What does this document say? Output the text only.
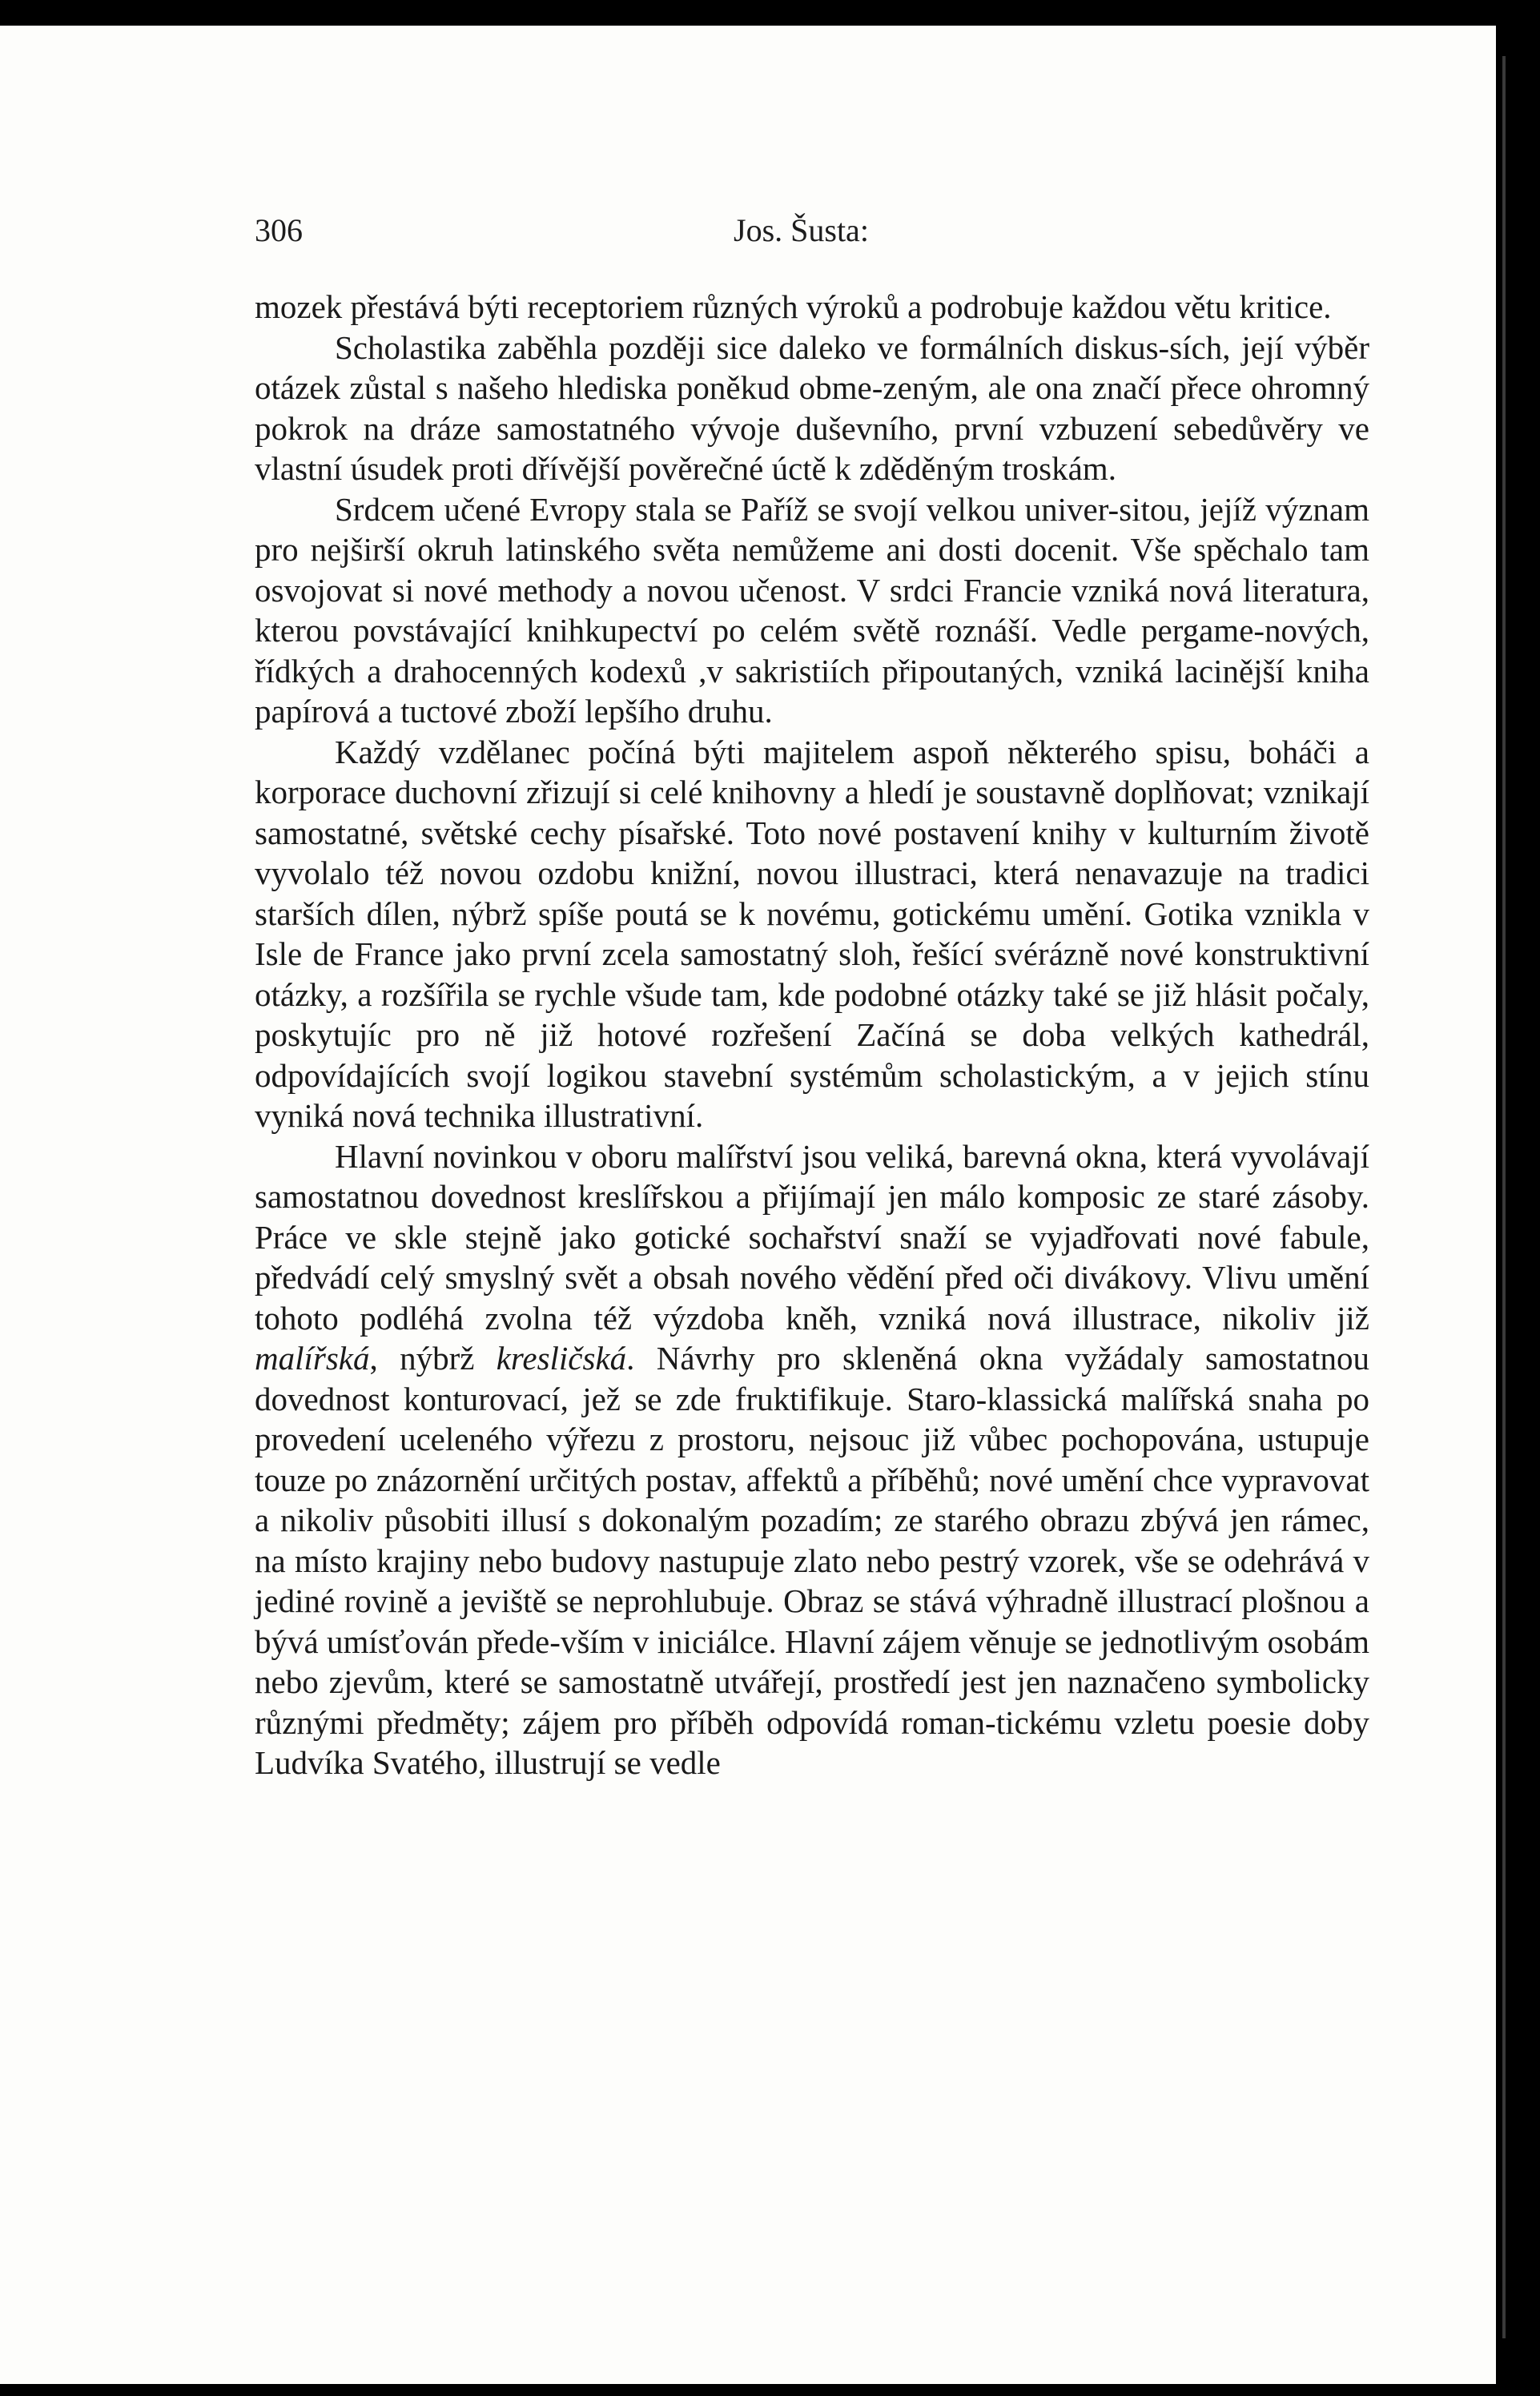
306	Jos. Šusta:

mozek přestává býti receptoriem různých výroků a podrobuje každou větu kritice.

Scholastika zaběhla později sice daleko ve formálních diskus-sích, její výběr otázek zůstal s našeho hlediska poněkud obme-zeným, ale ona značí přece ohromný pokrok na dráze samostatného vývoje duševního, první vzbuzení sebedůvěry ve vlastní úsudek proti dřívější pověrečné úctě k zděděným troskám.

Srdcem učené Evropy stala se Paříž se svojí velkou univer-sitou, jejíž význam pro nejširší okruh latinského světa nemůžeme ani dosti docenit. Vše spěchalo tam osvojovat si nové methody a novou učenost. V srdci Francie vzniká nová literatura, kterou povstávající knihkupectví po celém světě roznáší. Vedle pergame-nových, řídkých a drahocenných kodexů ,v sakristiích připoutaných, vzniká lacinější kniha papírová a tuctové zboží lepšího druhu.

Každý vzdělanec počíná býti majitelem aspoň některého spisu, boháči a korporace duchovní zřizují si celé knihovny a hledí je soustavně doplňovat; vznikají samostatné, světské cechy písařské. Toto nové postavení knihy v kulturním životě vyvolalo též novou ozdobu knižní, novou illustraci, která nenavazuje na tradici starších dílen, nýbrž spíše poutá se k novému, gotickému umění. Gotika vznikla v Isle de France jako první zcela samostatný sloh, řešící svérázně nové konstruktivní otázky, a rozšířila se rychle všude tam, kde podobné otázky také se již hlásit počaly, poskytujíc pro ně již hotové rozřešení Začíná se doba velkých kathedrál, odpovídajících svojí logikou stavební systémům scholastickým, a v jejich stínu vyniká nová technika illustrativní.

Hlavní novinkou v oboru malířství jsou veliká, barevná okna, která vyvolávají samostatnou dovednost kreslířskou a přijímají jen málo komposic ze staré zásoby. Práce ve skle stejně jako gotické sochařství snaží se vyjadřovati nové fabule, předvádí celý smyslný svět a obsah nového vědění před oči divákovy. Vlivu umění tohoto podléhá zvolna též výzdoba kněh, vzniká nová illustrace, nikoliv již malířská, nýbrž kresličská. Návrhy pro skleněná okna vyžádaly samostatnou dovednost konturovací, jež se zde fruktifikuje. Staro-klassická malířská snaha po provedení uceleného výřezu z prostoru, nejsouc již vůbec pochopována, ustupuje touze po znázornění určitých postav, affektů a příběhů; nové umění chce vypravovat a nikoliv působiti illusí s dokonalým pozadím; ze starého obrazu zbývá jen rámec, na místo krajiny nebo budovy nastupuje zlato nebo pestrý vzorek, vše se odehrává v jediné rovině a jeviště se neprohlubuje. Obraz se stává výhradně illustrací plošnou a bývá umísťován přede-vším v iniciálce. Hlavní zájem věnuje se jednotlivým osobám nebo zjevům, které se samostatně utvářejí, prostředí jest jen naznačeno symbolicky různými předměty; zájem pro příběh odpovídá roman-tickému vzletu poesie doby Ludvíka Svatého, illustrují se vedle
